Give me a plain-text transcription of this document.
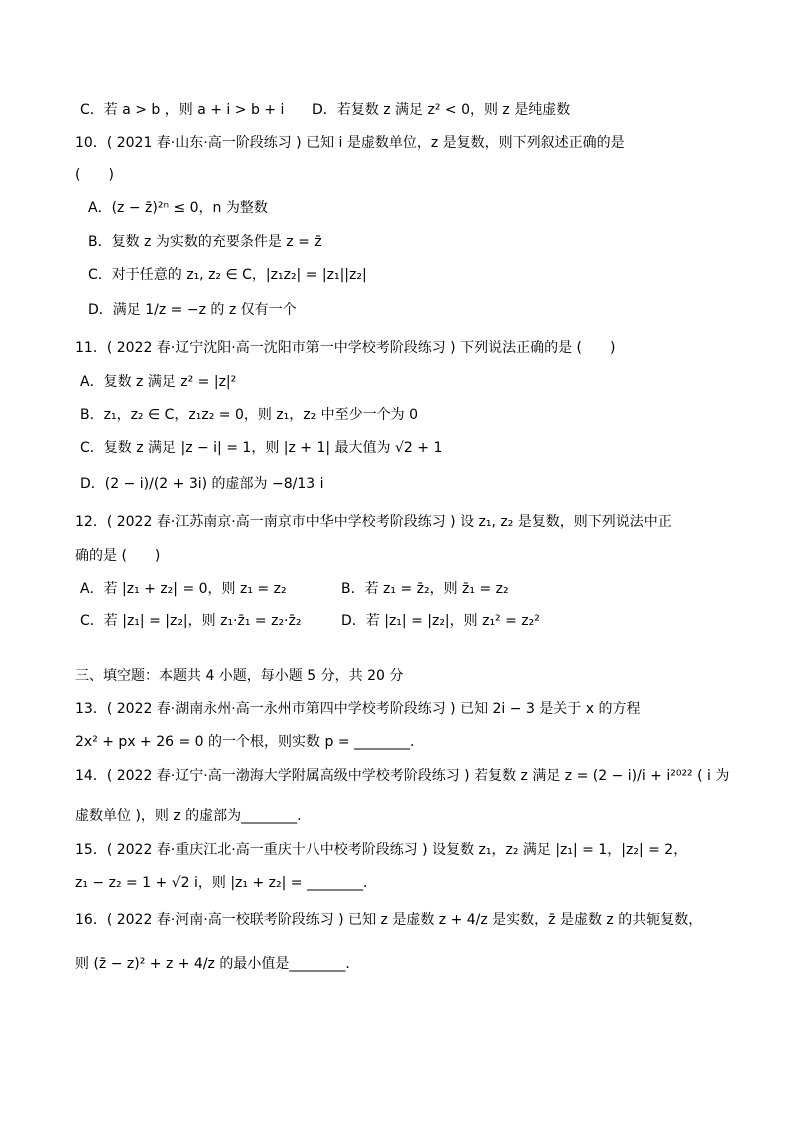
C．若 a > b ，则 a + i > b + i D．若复数 z 满足 z² < 0，则 z 是纯虚数
10．( 2021 春·山东·高一阶段练习 ) 已知 i 是虚数单位，z 是复数，则下列叙述正确的是
(　　)
A．(z − z̄)²ⁿ ≤ 0，n 为整数
B．复数 z 为实数的充要条件是 z = z̄
C．对于任意的 z₁, z₂ ∈ C，|z₁z₂| = |z₁||z₂|
D．满足 1/z = −z 的 z 仅有一个
11．( 2022 春·辽宁沈阳·高一沈阳市第一中学校考阶段练习 ) 下列说法正确的是 (　　)
A．复数 z 满足 z² = |z|²
B．z₁，z₂ ∈ C，z₁z₂ = 0，则 z₁，z₂ 中至少一个为 0
C．复数 z 满足 |z − i| = 1，则 |z + 1| 最大值为 √2 + 1
D．(2 − i)/(2 + 3i) 的虚部为 −8/13 i
12．( 2022 春·江苏南京·高一南京市中华中学校考阶段练习 ) 设 z₁, z₂ 是复数，则下列说法中正
确的是 (　　)
A．若 |z₁ + z₂| = 0，则 z₁ = z₂	B．若 z₁ = z̄₂，则 z̄₁ = z₂
C．若 |z₁| = |z₂|，则 z₁·z̄₁ = z₂·z̄₂	D．若 |z₁| = |z₂|，则 z₁² = z₂²
三、填空题：本题共 4 小题，每小题 5 分，共 20 分
13．( 2022 春·湖南永州·高一永州市第四中学校考阶段练习 ) 已知 2i − 3 是关于 x 的方程
2x² + px + 26 = 0 的一个根，则实数 p = ________．
14．( 2022 春·辽宁·高一渤海大学附属高级中学校考阶段练习 ) 若复数 z 满足 z = (2 − i)/i + i²⁰²² ( i 为
虚数单位 )，则 z 的虚部为________.
15．( 2022 春·重庆江北·高一重庆十八中校考阶段练习 ) 设复数 z₁，z₂ 满足 |z₁| = 1，|z₂| = 2，
z₁ − z₂ = 1 + √2 i，则 |z₁ + z₂| = ________．
16．( 2022 春·河南·高一校联考阶段练习 ) 已知 z 是虚数 z + 4/z 是实数，z̄ 是虚数 z 的共轭复数，
则 (z̄ − z)² + z + 4/z 的最小值是________．
